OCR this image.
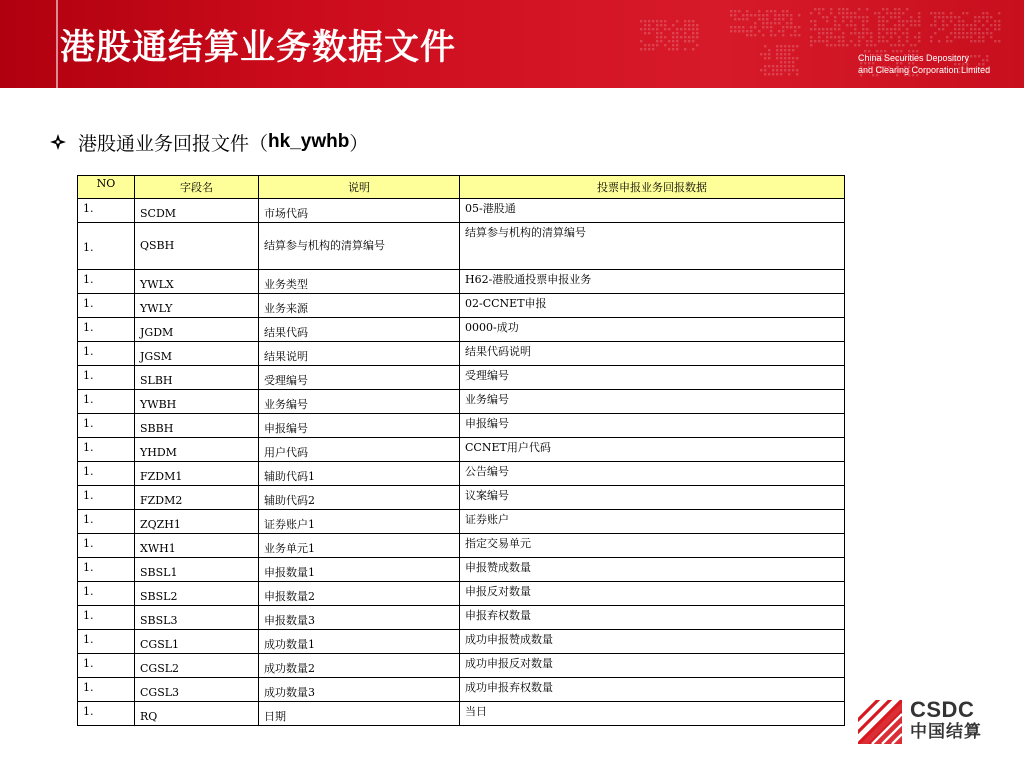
港股通结算业务数据文件	China Securities Depository
and Clearing Corporation Limited
港股通业务回报文件（ hk_ywhb ）
NO	字段名	说明	投票申报业务回报数据
1.	SCDM	市场代码	05-港股通
1.	QSBH	结算参与机构的清算编号	结算参与机构的清算编号
1.	YWLX	业务类型	H62-港股通投票申报业务
1.	YWLY	业务来源	02-CCNET申报
1.	JGDM	结果代码	0000-成功
1.	JGSM	结果说明	结果代码说明
1.	SLBH	受理编号	受理编号
1.	YWBH	业务编号	业务编号
1.	SBBH	申报编号	申报编号
1.	YHDM	用户代码	CCNET用户代码
1.	FZDM1	辅助代码1	公告编号
1.	FZDM2	辅助代码2	议案编号
1.	ZQZH1	证券账户1	证券账户
1.	XWH1	业务单元1	指定交易单元
1.	SBSL1	申报数量1	申报赞成数量
1.	SBSL2	申报数量2	申报反对数量
1.	SBSL3	申报数量3	申报弃权数量
1.	CGSL1	成功数量1	成功申报赞成数量
1.	CGSL2	成功数量2	成功申报反对数量
1.	CGSL3	成功数量3	成功申报弃权数量
1.	RQ	日期	当日	CSDC
中国结算
